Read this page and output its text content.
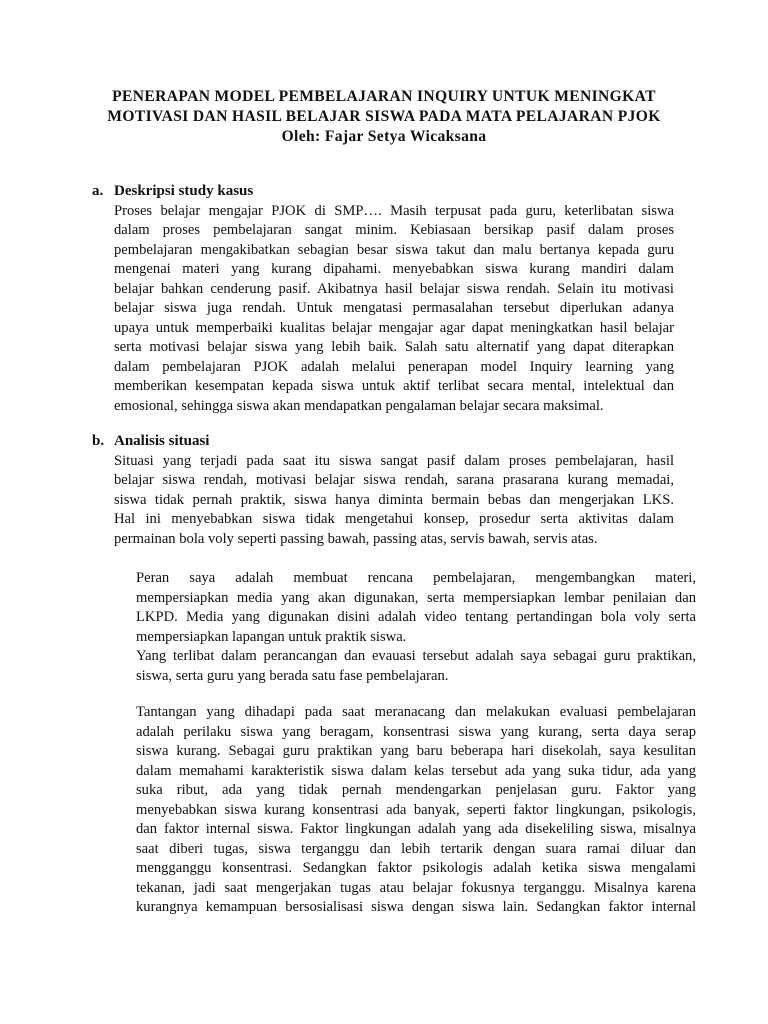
PENERAPAN MODEL PEMBELAJARAN INQUIRY UNTUK MENINGKAT
MOTIVASI DAN HASIL BELAJAR SISWA PADA MATA PELAJARAN PJOK
Oleh: Fajar Setya Wicaksana
a. Deskripsi study kasus
Proses belajar mengajar PJOK di SMP…. Masih terpusat pada guru, keterlibatan siswa
dalam proses pembelajaran sangat minim. Kebiasaan bersikap pasif dalam proses
pembelajaran mengakibatkan sebagian besar siswa takut dan malu bertanya kepada guru
mengenai materi yang kurang dipahami. menyebabkan siswa kurang mandiri dalam
belajar bahkan cenderung pasif. Akibatnya hasil belajar siswa rendah. Selain itu motivasi
belajar siswa juga rendah. Untuk mengatasi permasalahan tersebut diperlukan adanya
upaya untuk memperbaiki kualitas belajar mengajar agar dapat meningkatkan hasil belajar
serta motivasi belajar siswa yang lebih baik. Salah satu alternatif yang dapat diterapkan
dalam pembelajaran PJOK adalah melalui penerapan model Inquiry learning yang
memberikan kesempatan kepada siswa untuk aktif terlibat secara mental, intelektual dan
emosional, sehingga siswa akan mendapatkan pengalaman belajar secara maksimal.
b. Analisis situasi
Situasi yang terjadi pada saat itu siswa sangat pasif dalam proses pembelajaran, hasil
belajar siswa rendah, motivasi belajar siswa rendah, sarana prasarana kurang memadai,
siswa tidak pernah praktik, siswa hanya diminta bermain bebas dan mengerjakan LKS.
Hal ini menyebabkan siswa tidak mengetahui konsep, prosedur serta aktivitas dalam
permainan bola voly seperti passing bawah, passing atas, servis bawah, servis atas.
Peran saya adalah membuat rencana pembelajaran, mengembangkan materi,
mempersiapkan media yang akan digunakan, serta mempersiapkan lembar penilaian dan
LKPD. Media yang digunakan disini adalah video tentang pertandingan bola voly serta
mempersiapkan lapangan untuk praktik siswa.
Yang terlibat dalam perancangan dan evauasi tersebut adalah saya sebagai guru praktikan,
siswa, serta guru yang berada satu fase pembelajaran.
Tantangan yang dihadapi pada saat meranacang dan melakukan evaluasi pembelajaran
adalah perilaku siswa yang beragam, konsentrasi siswa yang kurang, serta daya serap
siswa kurang. Sebagai guru praktikan yang baru beberapa hari disekolah, saya kesulitan
dalam memahami karakteristik siswa dalam kelas tersebut ada yang suka tidur, ada yang
suka ribut, ada yang tidak pernah mendengarkan penjelasan guru. Faktor yang
menyebabkan siswa kurang konsentrasi ada banyak, seperti faktor lingkungan, psikologis,
dan faktor internal siswa. Faktor lingkungan adalah yang ada disekeliling siswa, misalnya
saat diberi tugas, siswa terganggu dan lebih tertarik dengan suara ramai diluar dan
mengganggu konsentrasi. Sedangkan faktor psikologis adalah ketika siswa mengalami
tekanan, jadi saat mengerjakan tugas atau belajar fokusnya terganggu. Misalnya karena
kurangnya kemampuan bersosialisasi siswa dengan siswa lain. Sedangkan faktor internal
